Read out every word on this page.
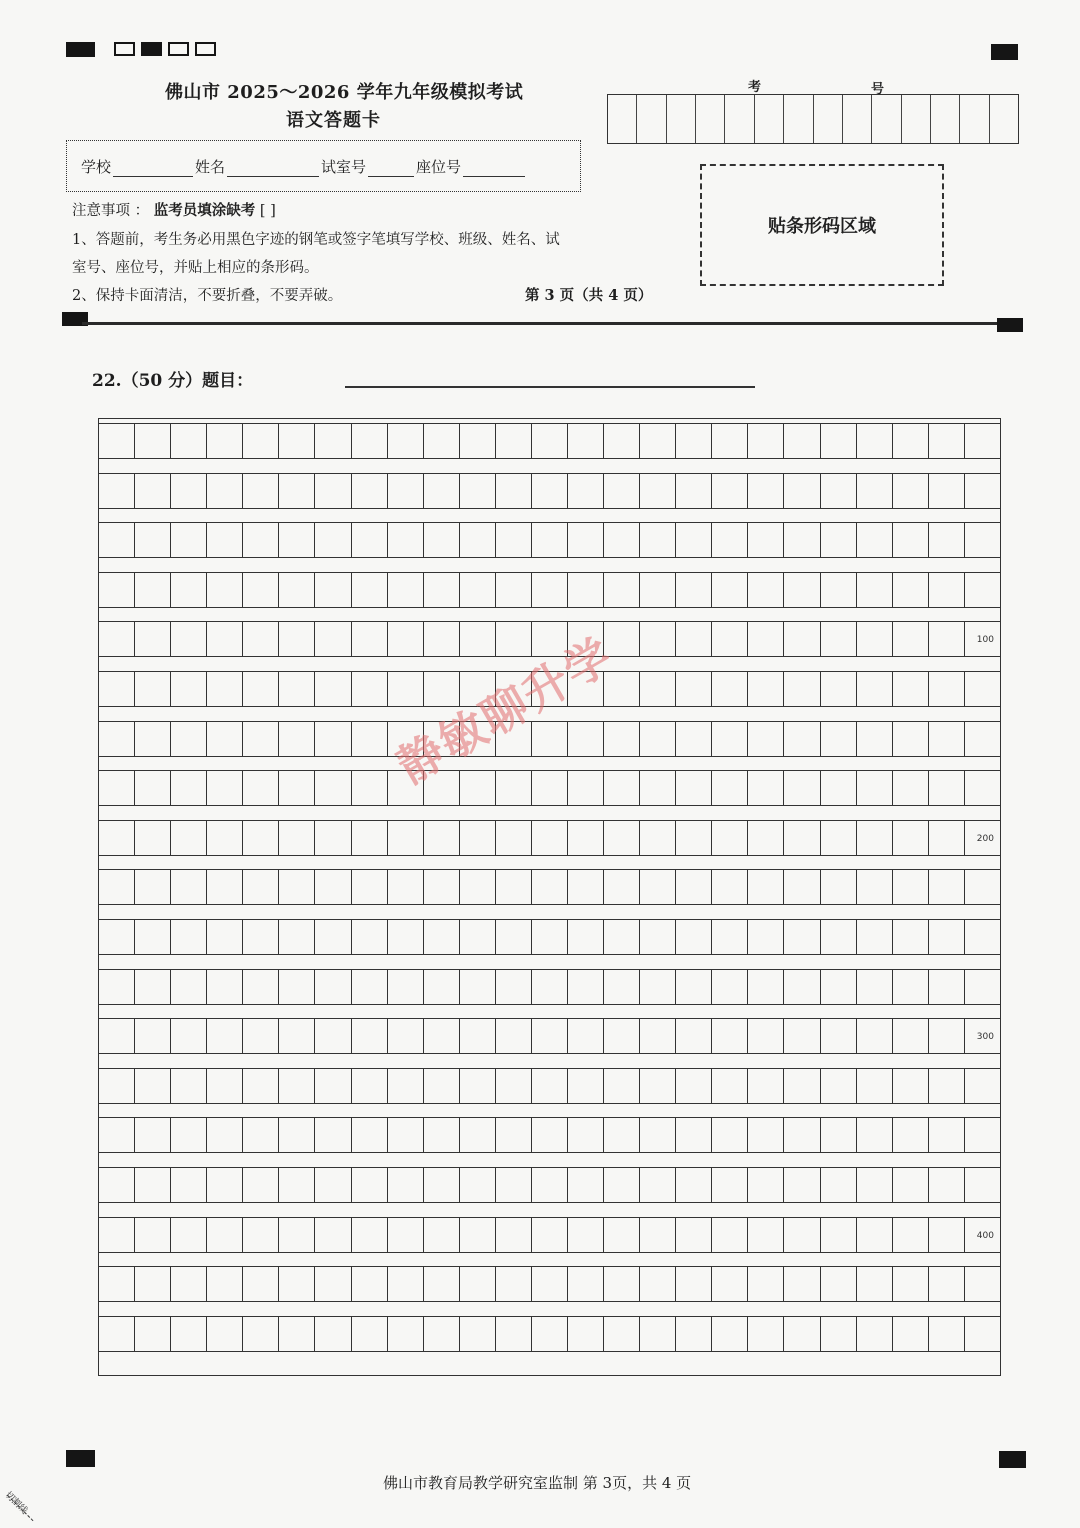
佛山市 2025～2026 学年九年级模拟考试
语文答题卡
学校	姓名	试室号	座位号
注意事项 ： 监考员填涂缺考 [ ]
1、答题前，考生务必用黑色字迹的钢笔或签字笔填写学校、班级、姓名、试
室号、座位号，并贴上相应的条形码。
2、保持卡面清洁，不要折叠，不要弄破。	第 3 页（共 4 页）
考	号
贴条形码区域
22.（50 分）题目：
100
200
300
400
静敏聊升学
佛山市教育局教学研究室监制 第 3页，共 4 页
切割线
